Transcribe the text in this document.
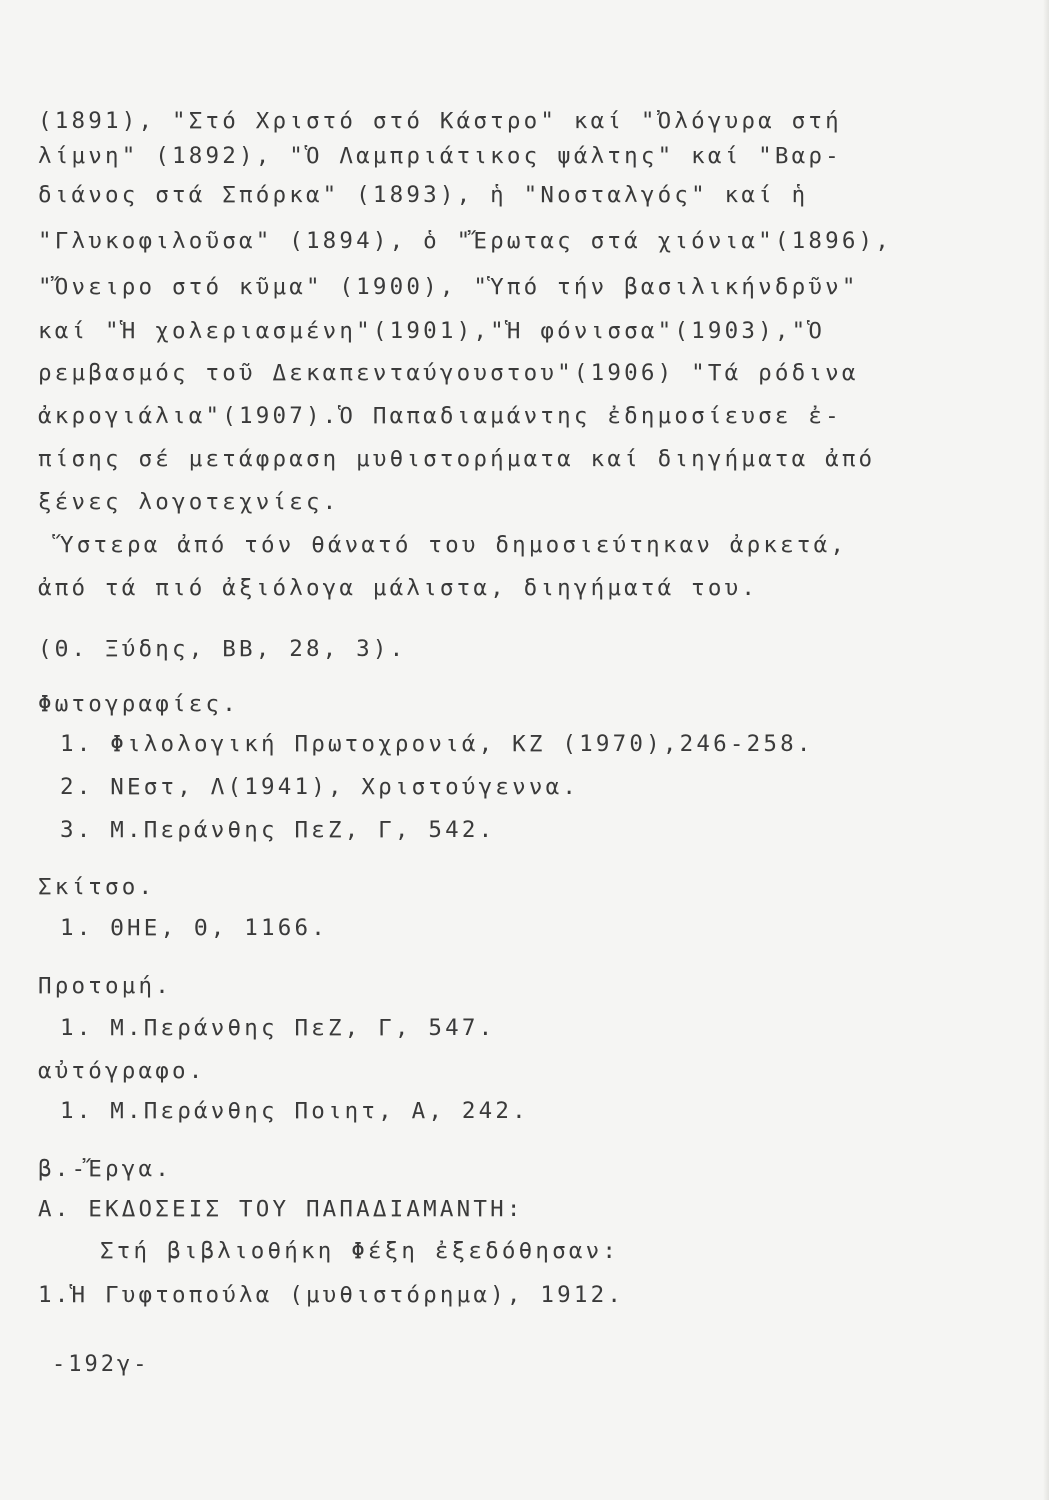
(1891), "Στό Χριστό στό Κάστρο" καί "Ὀλόγυρα στή
λίμνη" (1892), "Ὁ Λαμπριάτικος ψάλτης" καί "Βαρ-
διάνος στά Σπόρκα" (1893), ἡ "Νοσταλγός" καί ἡ
"Γλυκοφιλοῦσα" (1894), ὁ "Ἔρωτας στά χιόνια"(1896),
"Ὄνειρο στό κῦμα" (1900), "Ὑπό τήν βασιλικήνδρῦν"
καί "Ἡ χολεριασμένη"(1901),"Ἡ φόνισσα"(1903),"Ὁ
ρεμβασμός τοῦ Δεκαπενταύγουστου"(1906) "Τά ρόδινα
ἀκρογιάλια"(1907).Ὁ Παπαδιαμάντης ἐδημοσίευσε ἐ-
πίσης σέ μετάφραση μυθιστορήματα καί διηγήματα ἀπό
ξένες λογοτεχνίες.
Ὕστερα ἀπό τόν θάνατό του δημοσιεύτηκαν ἀρκετά,
ἀπό τά πιό ἀξιόλογα μάλιστα, διηγήματά του.
(Θ. Ξύδης, ΒΒ, 28, 3).
Φωτογραφίες.
1. Φιλολογική Πρωτοχρονιά, ΚΖ (1970),246-258.
2. ΝΕστ, Λ(1941), Χριστούγεννα.
3. Μ.Περάνθης ΠεΖ, Γ, 542.
Σκίτσο.
1. ΘΗΕ, Θ, 1166.
Προτομή.
1. Μ.Περάνθης ΠεΖ, Γ, 547.
αὐτόγραφο.
1. Μ.Περάνθης Ποιητ, Α, 242.
β.-Ἔργα.
Α. ΕΚΔΟΣΕΙΣ ΤΟΥ ΠΑΠΑΔΙΑΜΑΝΤΗ:
Στή βιβλιοθήκη Φέξη ἐξεδόθησαν:
1.Ἡ Γυφτοπούλα (μυθιστόρημα), 1912.
-192γ-
